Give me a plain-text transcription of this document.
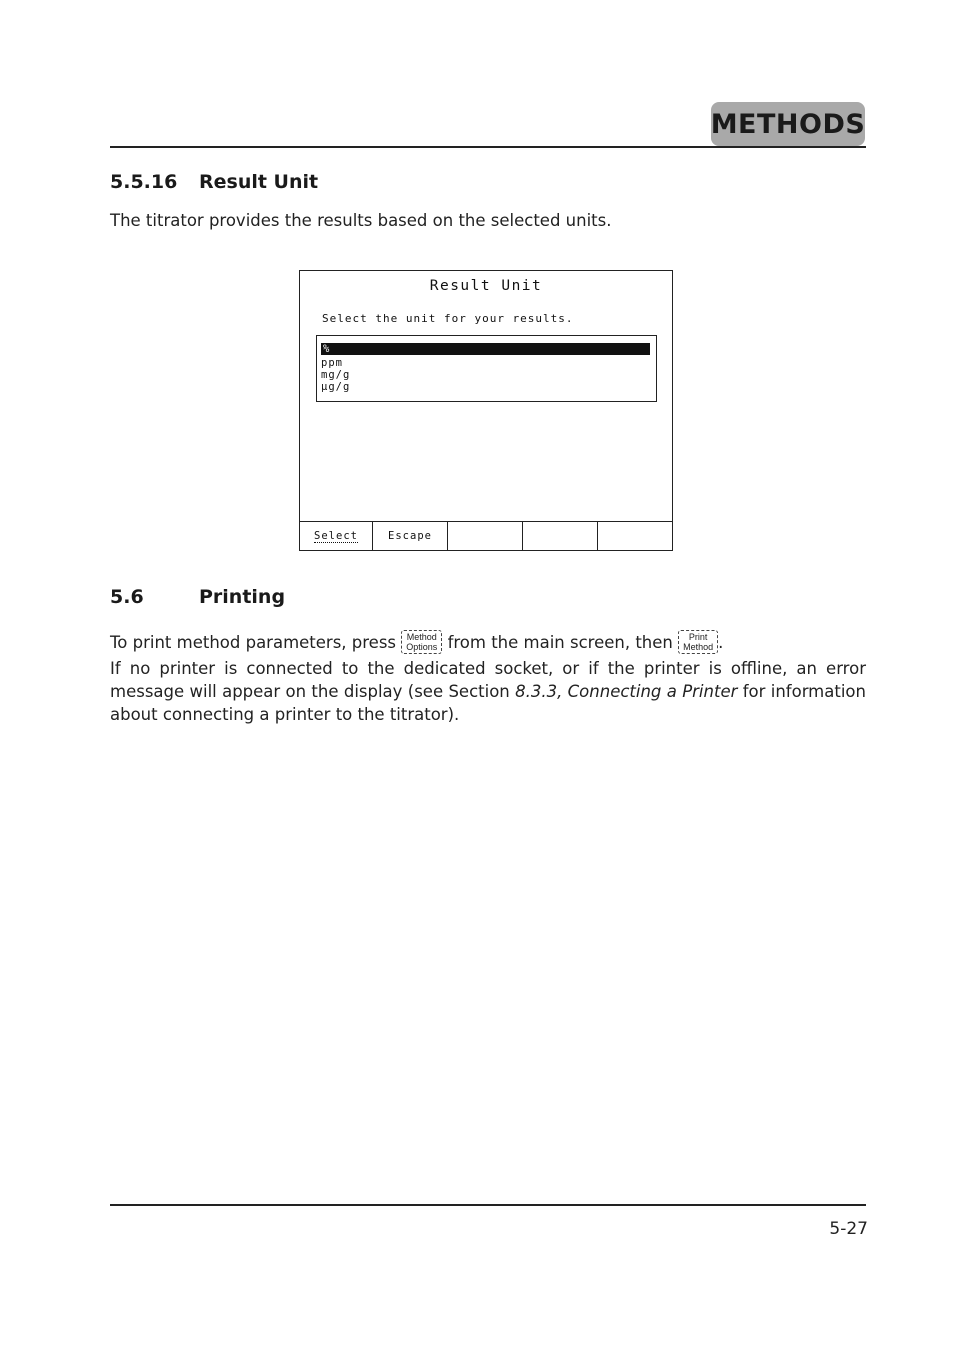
METHODS
5.5.16 Result Unit
The titrator provides the results based on the selected units.
Result Unit
Select the unit for your results.
%
ppm
mg/g
µg/g
Select	Escape
5.6	Printing
To print method parameters, press Method
Options from the main screen, then Print
Method .
If no printer is connected to the dedicated socket, or if the printer is offline, an error message will appear on the display (see Section 8.3.3, Connecting a Printer for information about connecting a printer to the titrator).
5-27
